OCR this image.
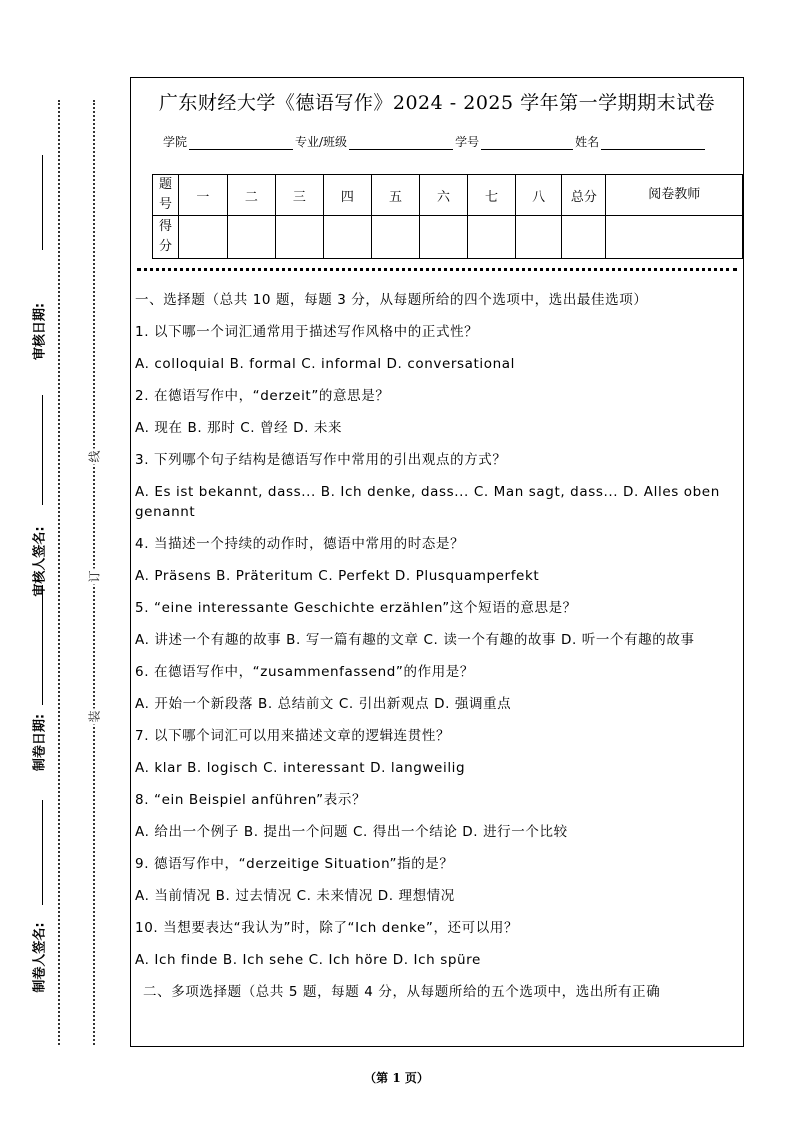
审核日期:
审核人签名:
制卷日期:
制卷人签名:
线
订
装
广东财经大学《德语写作》2024 - 2025 学年第一学期期末试卷
学院	专业/班级	学号	姓名
题号	一	二	三	四	五	六	七	八	总分	阅卷教师
得分										
一、选择题（总共 10 题，每题 3 分，从每题所给的四个选项中，选出最佳选项）
1. 以下哪一个词汇通常用于描述写作风格中的正式性？
A. colloquial B. formal C. informal D. conversational
2. 在德语写作中，“derzeit”的意思是？
A. 现在 B. 那时 C. 曾经 D. 未来
3. 下列哪个句子结构是德语写作中常用的引出观点的方式？
A. Es ist bekannt, dass... B. Ich denke, dass... C. Man sagt, dass... D. Alles oben genannt
4. 当描述一个持续的动作时，德语中常用的时态是？
A. Präsens B. Präteritum C. Perfekt D. Plusquamperfekt
5. “eine interessante Geschichte erzählen”这个短语的意思是？
A. 讲述一个有趣的故事 B. 写一篇有趣的文章 C. 读一个有趣的故事 D. 听一个有趣的故事
6. 在德语写作中，“zusammenfassend”的作用是？
A. 开始一个新段落 B. 总结前文 C. 引出新观点 D. 强调重点
7. 以下哪个词汇可以用来描述文章的逻辑连贯性？
A. klar B. logisch C. interessant D. langweilig
8. “ein Beispiel anführen”表示？
A. 给出一个例子 B. 提出一个问题 C. 得出一个结论 D. 进行一个比较
9. 德语写作中，“derzeitige Situation”指的是？
A. 当前情况 B. 过去情况 C. 未来情况 D. 理想情况
10. 当想要表达“我认为”时，除了“Ich denke”，还可以用？
A. Ich finde B. Ich sehe C. Ich höre D. Ich spüre
二、多项选择题（总共 5 题，每题 4 分，从每题所给的五个选项中，选出所有正确
（第 1 页）
